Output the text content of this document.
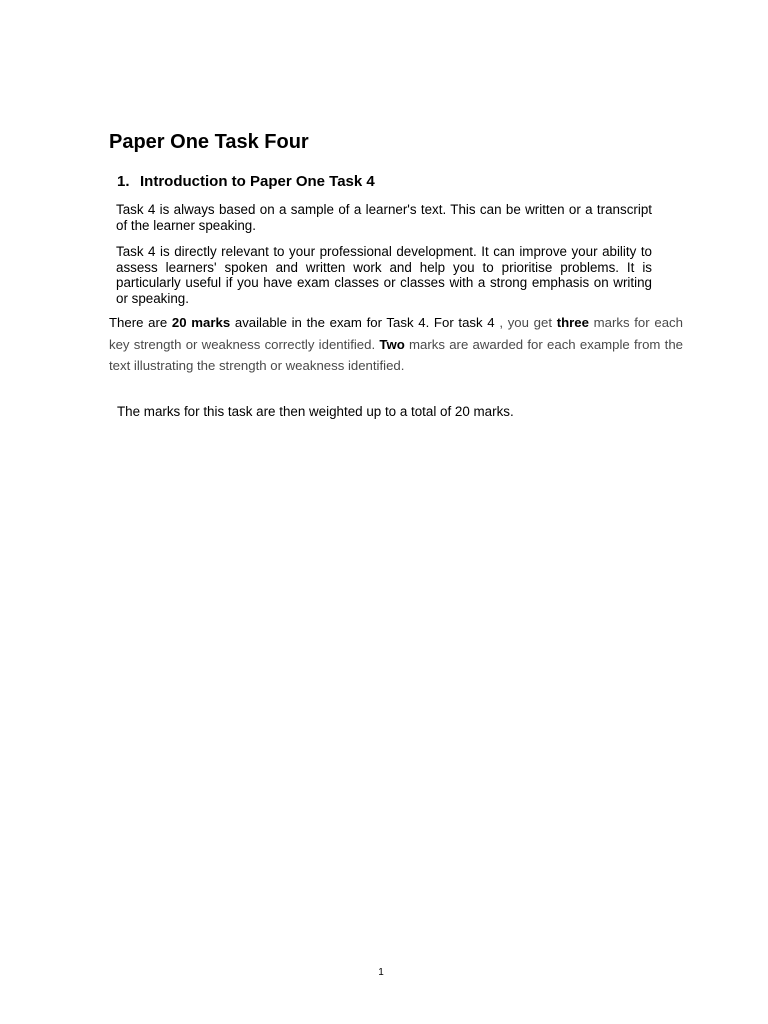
Paper One Task Four
1. Introduction to Paper One Task 4

Task 4 is always based on a sample of a learner's text. This can be written or a transcript of the learner speaking.

Task 4 is directly relevant to your professional development. It can improve your ability to assess learners' spoken and written work and help you to prioritise problems. It is particularly useful if you have exam classes or classes with a strong emphasis on writing or speaking.

There are 20 marks available in the exam for Task 4. For task 4 , you get three marks for each key strength or weakness correctly identified. Two marks are awarded for each example from the text illustrating the strength or weakness identified.

The marks for this task are then weighted up to a total of 20 marks.

1
